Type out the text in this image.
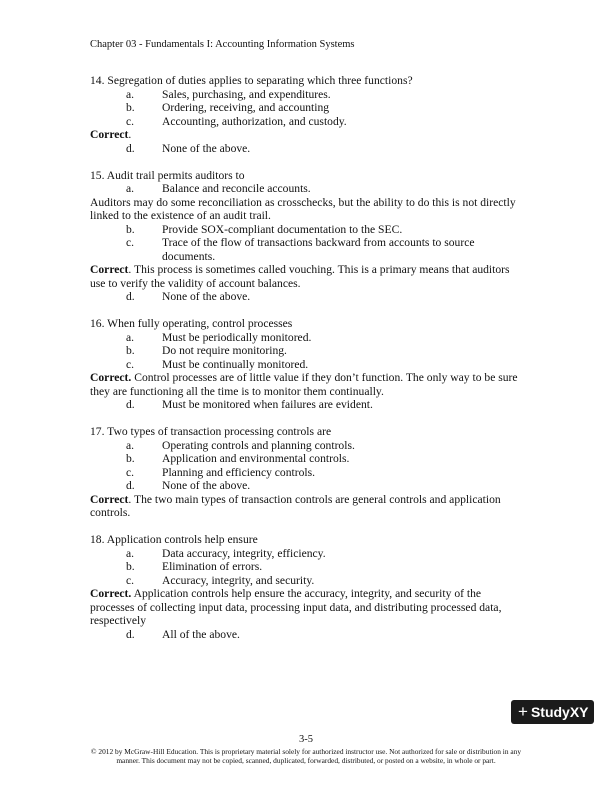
Chapter 03 - Fundamentals I: Accounting Information Systems

14. Segregation of duties applies to separating which three functions?

a. Sales, purchasing, and expenditures.
b. Ordering, receiving, and accounting
c. Accounting, authorization, and custody.

Correct.

d. None of the above.

15. Audit trail permits auditors to

a. Balance and reconcile accounts.

Auditors may do some reconciliation as crosschecks, but the ability to do this is not directly linked to the existence of an audit trail.

b. Provide SOX-compliant documentation to the SEC.
c. Trace of the flow of transactions backward from accounts to source documents.

Correct. This process is sometimes called vouching. This is a primary means that auditors use to verify the validity of account balances.

d. None of the above.

16. When fully operating, control processes

a. Must be periodically monitored.
b. Do not require monitoring.
c. Must be continually monitored.

Correct. Control processes are of little value if they don’t function. The only way to be sure they are functioning all the time is to monitor them continually.

d. Must be monitored when failures are evident.

17. Two types of transaction processing controls are

a. Operating controls and planning controls.
b. Application and environmental controls.
c. Planning and efficiency controls.
d. None of the above.

Correct. The two main types of transaction controls are general controls and application controls.

18. Application controls help ensure

a. Data accuracy, integrity, efficiency.
b. Elimination of errors.
c. Accuracy, integrity, and security.

Correct. Application controls help ensure the accuracy, integrity, and security of the processes of collecting input data, processing input data, and distributing processed data, respectively

d. All of the above.
+ StudyXY
3-5
© 2012 by McGraw-Hill Education. This is proprietary material solely for authorized instructor use. Not authorized for sale or distribution in any manner. This document may not be copied, scanned, duplicated, forwarded, distributed, or posted on a website, in whole or part.
